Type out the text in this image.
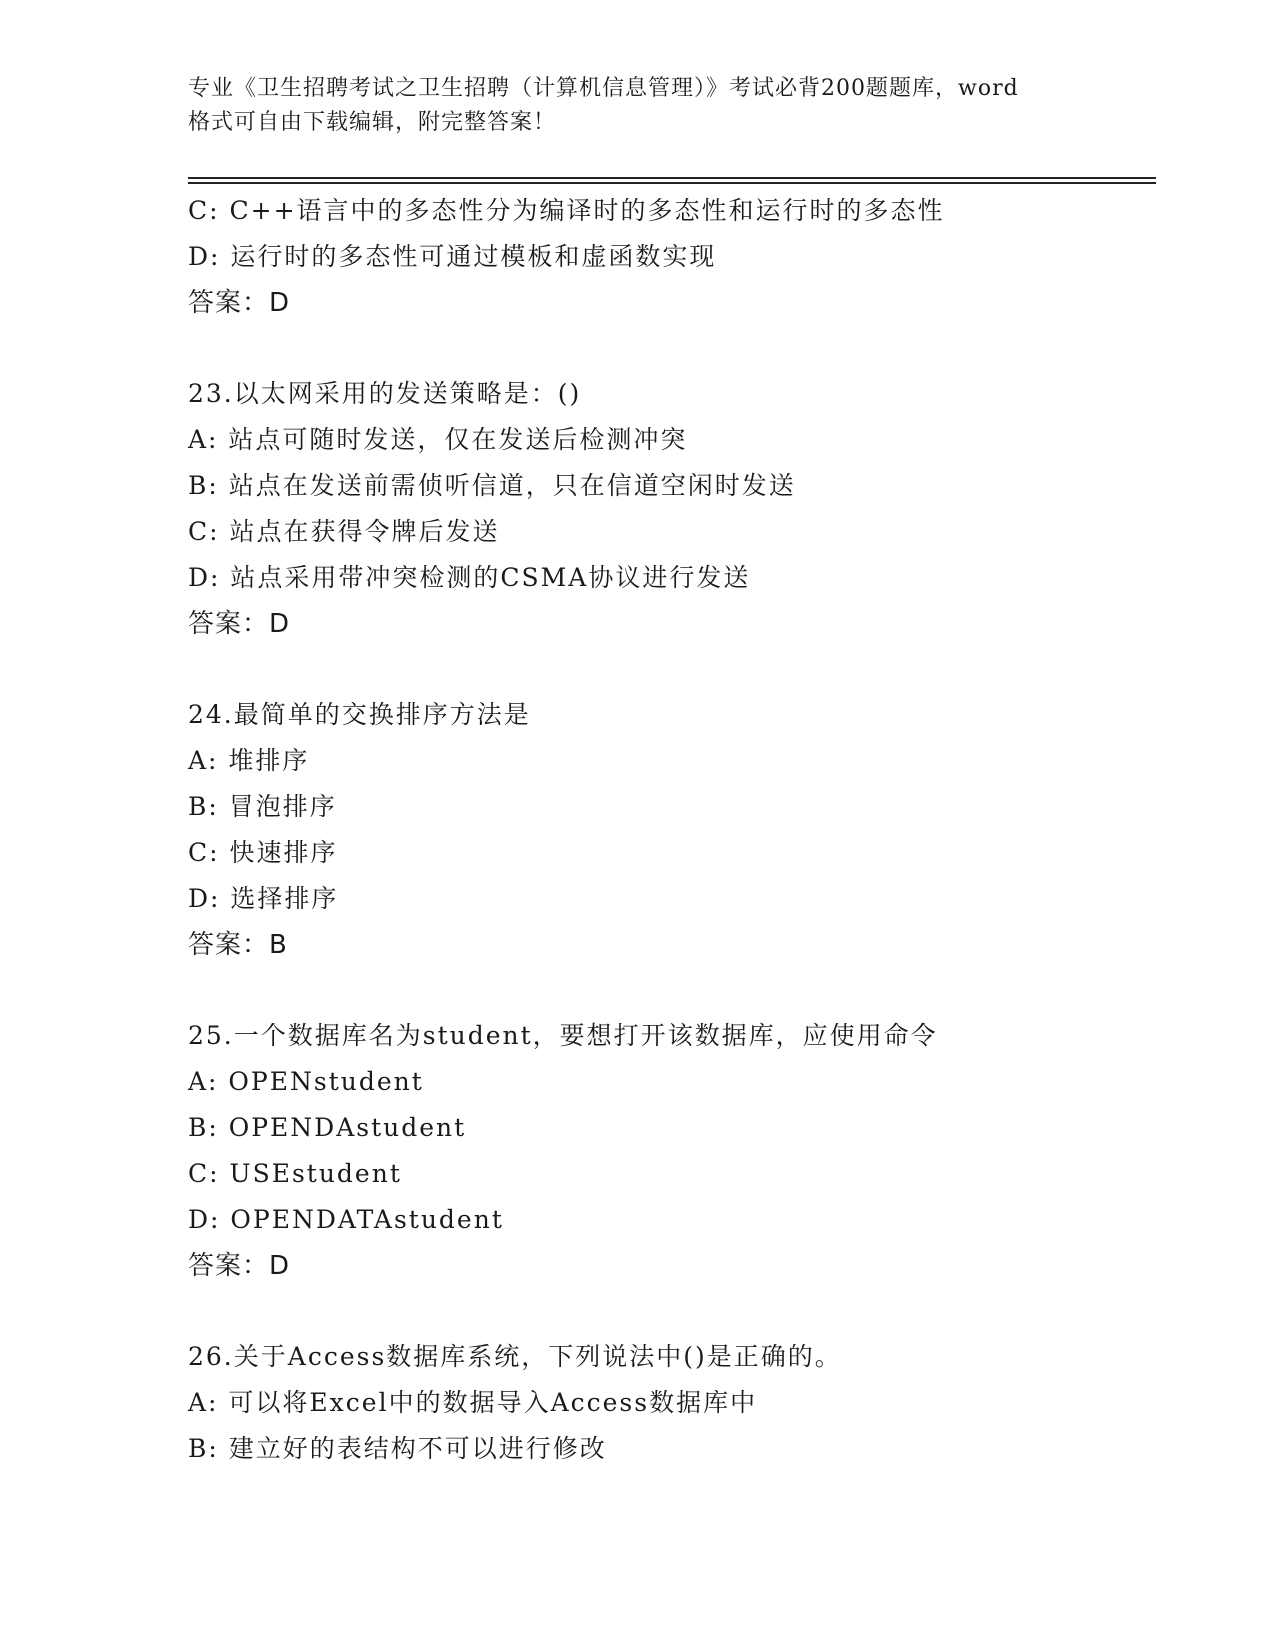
专业《卫生招聘考试之卫生招聘（计算机信息管理）》考试必背200题题库，word
格式可自由下载编辑，附完整答案！
C: C++语言中的多态性分为编译时的多态性和运行时的多态性
D: 运行时的多态性可通过模板和虚函数实现
答案：D
23.以太网采用的发送策略是：()
A: 站点可随时发送，仅在发送后检测冲突
B: 站点在发送前需侦听信道，只在信道空闲时发送
C: 站点在获得令牌后发送
D: 站点采用带冲突检测的CSMA协议进行发送
答案：D
24.最简单的交换排序方法是
A: 堆排序
B: 冒泡排序
C: 快速排序
D: 选择排序
答案：B
25.一个数据库名为student，要想打开该数据库，应使用命令
A: OPENstudent
B: OPENDAstudent
C: USEstudent
D: OPENDATAstudent
答案：D
26.关于Access数据库系统，下列说法中()是正确的。
A: 可以将Excel中的数据导入Access数据库中
B: 建立好的表结构不可以进行修改
